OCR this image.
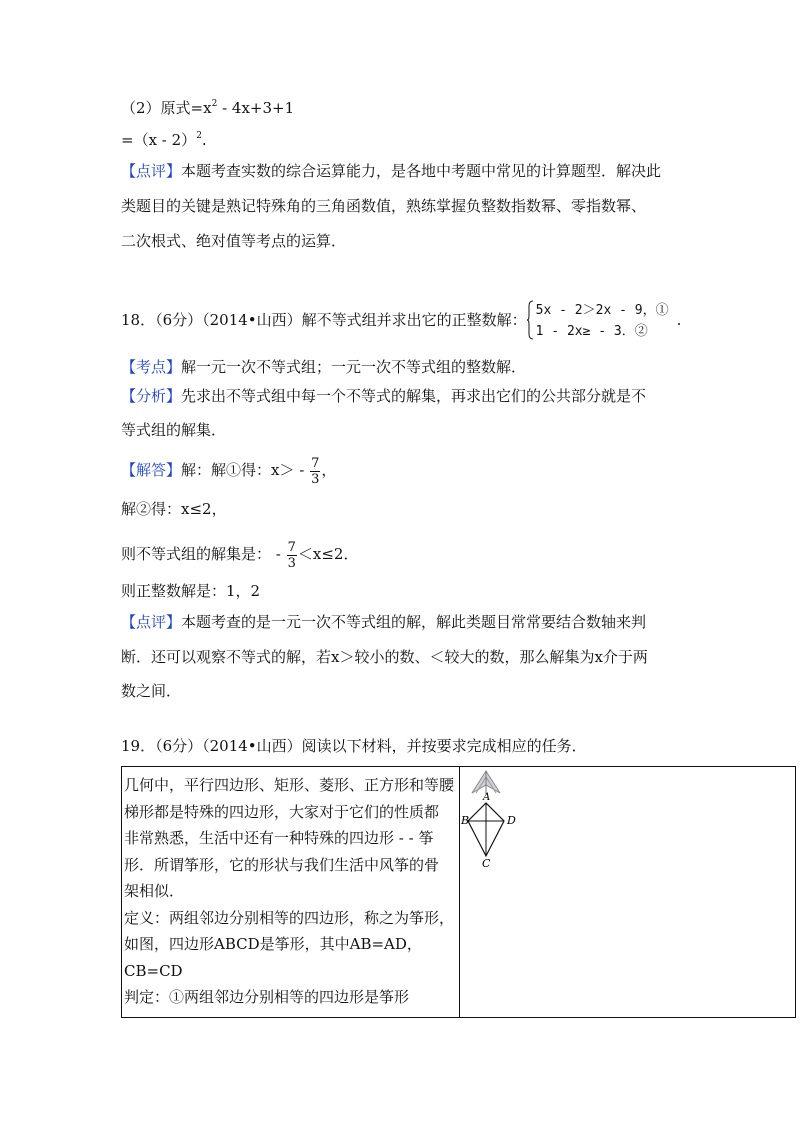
（2）原式$=x^2 - 4x+3+1$
=（x - 2）$^2$.
【点评】本题考查实数的综合运算能力，是各地中考题中常见的计算题型．解决此
类题目的关键是熟记特殊角的三角函数值，熟练掌握负整数指数幂、零指数幂、
二次根式、绝对值等考点的运算．
18．（6分）（2014•山西）解不等式组并求出它的正整数解：
5x - 2＞2x - 9，①
1 - 2x≥ - 3．②
.
【考点】解一元一次不等式组；一元一次不等式组的整数解．
【分析】先求出不等式组中每一个不等式的解集，再求出它们的公共部分就是不
等式组的解集．
【解答】解：解①得：$x> - \frac{7}{3}$ ，
解②得：x≤2，
则不等式组的解集是： - $\frac{7}{3} <x\le 2$．
则正整数解是：1，2
【点评】本题考查的是一元一次不等式组的解，解此类题目常常要结合数轴来判
断．还可以观察不等式的解，若x＞较小的数、＜较大的数，那么解集为x介于两
数之间．
19．（6分）（2014•山西）阅读以下材料，并按要求完成相应的任务．
几何中，平行四边形、矩形、菱形、正方形和等腰
梯形都是特殊的四边形，大家对于它们的性质都
非常熟悉，生活中还有一种特殊的四边形 - - 筝
形．所谓筝形，它的形状与我们生活中风筝的骨
架相似．
定义：两组邻边分别相等的四边形，称之为筝形，
如图，四边形ABCD是筝形，其中AB=AD，
CB=CD
判定：①两组邻边分别相等的四边形是筝形
A
B
C
D
